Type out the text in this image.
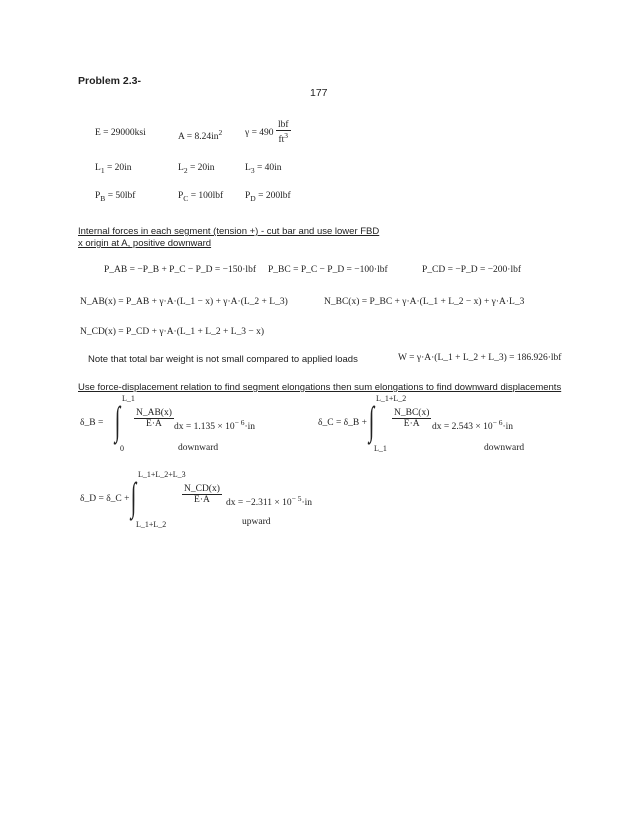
Problem 2.3-
177
E = 29000ksi	$A = 8.24in^2$ $\gamma = 490 \frac{\text{lbf}}{ft^3}$
$L_1 = 20in$	$L_2 = 20in$	$L_3 = 40in$
$P_B = 50lbf$	$P_C = 100lbf$ $P_D = 200lbf$
Internal forces in each segment (tension +) - cut bar and use lower FBD
x origin at A, positive downward
P_AB = −P_B + P_C − P_D = −150·lbf P_BC = P_C − P_D = −100·lbf	P_CD = −P_D = −200·lbf
N_AB(x) = P_AB + γ·A·(L_1 − x) + γ·A·(L_2 + L_3)	N_BC(x) = P_BC + γ·A·(L_1 + L_2 − x) + γ·A·L_3
N_CD(x) = P_CD + γ·A·(L_1 + L_2 + L_3 − x)
Note that total bar weight is not small compared to applied loads	W = γ·A·(L_1 + L_2 + L_3) = 186.926·lbf
Use force-displacement relation to find segment elongations then sum elongations to find downward displacements
δ_B =
L_1
∫
0
$\frac{N\_AB(x)}{E\cdot A}$ dx = $1.135 \times 10^{- 6}\cdot in$
downward
δ_C = δ_B +
L_1+L_2
∫
L_1
$\frac{N\_BC(x)}{E\cdot A}$ dx = $2.543 \times 10^{- 6}\cdot in$
downward
δ_D = δ_C +
L_1+L_2+L_3
∫
L_1+L_2
$\frac{N\_CD(x)}{E\cdot A}$ dx = $-2.311 \times 10^{- 5}\cdot in$
upward
